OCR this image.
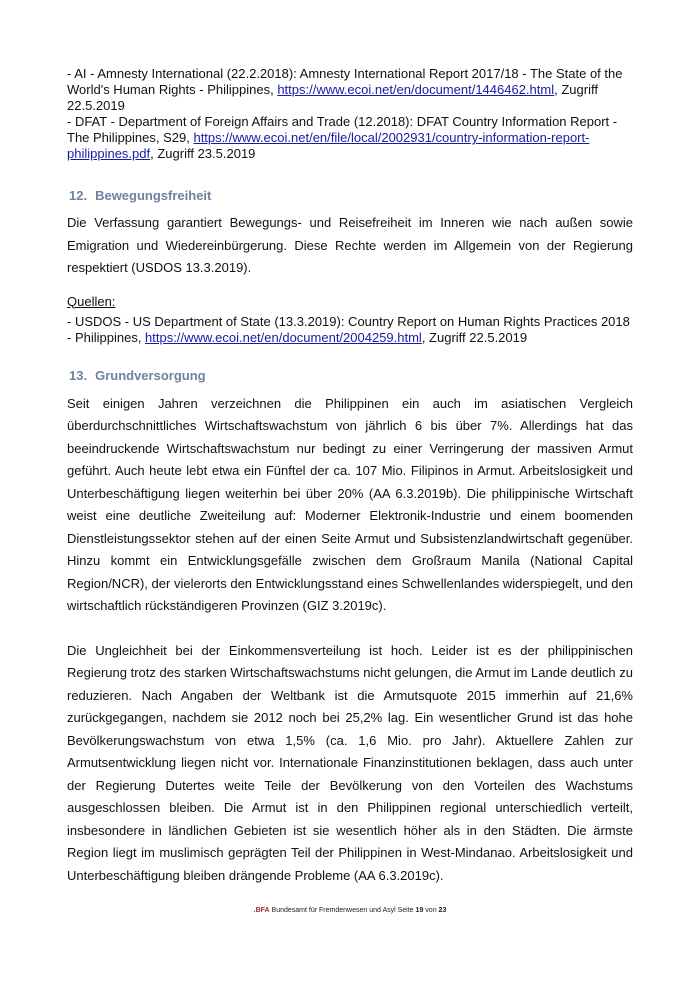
- AI - Amnesty International (22.2.2018): Amnesty International Report 2017/18 - The State of the World's Human Rights - Philippines, https://www.ecoi.net/en/document/1446462.html, Zugriff 22.5.2019
- DFAT - Department of Foreign Affairs and Trade (12.2018): DFAT Country Information Report - The Philippines, S29, https://www.ecoi.net/en/file/local/2002931/country-information-report-philippines.pdf, Zugriff 23.5.2019
12. Bewegungsfreiheit

Die Verfassung garantiert Bewegungs- und Reisefreiheit im Inneren wie nach außen sowie Emigration und Wiedereinbürgerung. Diese Rechte werden im Allgemein von der Regierung respektiert (USDOS 13.3.2019).

Quellen:

- USDOS - US Department of State (13.3.2019): Country Report on Human Rights Practices 2018
- Philippines, https://www.ecoi.net/en/document/2004259.html, Zugriff 22.5.2019
13. Grundversorgung

Seit einigen Jahren verzeichnen die Philippinen ein auch im asiatischen Vergleich überdurchschnittliches Wirtschaftswachstum von jährlich 6 bis über 7%. Allerdings hat das beeindruckende Wirtschaftswachstum nur bedingt zu einer Verringerung der massiven Armut geführt. Auch heute lebt etwa ein Fünftel der ca. 107 Mio. Filipinos in Armut. Arbeitslosigkeit und Unterbeschäftigung liegen weiterhin bei über 20% (AA 6.3.2019b). Die philippinische Wirtschaft weist eine deutliche Zweiteilung auf: Moderner Elektronik-Industrie und einem boomenden Dienstleistungssektor stehen auf der einen Seite Armut und Subsistenzlandwirtschaft gegenüber. Hinzu kommt ein Entwicklungsgefälle zwischen dem Großraum Manila (National Capital Region/NCR), der vielerorts den Entwicklungsstand eines Schwellenlandes widerspiegelt, und den wirtschaftlich rückständigeren Provinzen (GIZ 3.2019c).

Die Ungleichheit bei der Einkommensverteilung ist hoch. Leider ist es der philippinischen Regierung trotz des starken Wirtschaftswachstums nicht gelungen, die Armut im Lande deutlich zu reduzieren. Nach Angaben der Weltbank ist die Armutsquote 2015 immerhin auf 21,6% zurückgegangen, nachdem sie 2012 noch bei 25,2% lag. Ein wesentlicher Grund ist das hohe Bevölkerungswachstum von etwa 1,5% (ca. 1,6 Mio. pro Jahr). Aktuellere Zahlen zur Armutsentwicklung liegen nicht vor. Internationale Finanzinstitutionen beklagen, dass auch unter der Regierung Dutertes weite Teile der Bevölkerung von den Vorteilen des Wachstums ausgeschlossen bleiben. Die Armut ist in den Philippinen regional unterschiedlich verteilt, insbesondere in ländlichen Gebieten ist sie wesentlich höher als in den Städten. Die ärmste Region liegt im muslimisch geprägten Teil der Philippinen in West-Mindanao. Arbeitslosigkeit und Unterbeschäftigung bleiben drängende Probleme (AA 6.3.2019c).

.BFA Bundesamt für Fremdenwesen und Asyl Seite 19 von 23
